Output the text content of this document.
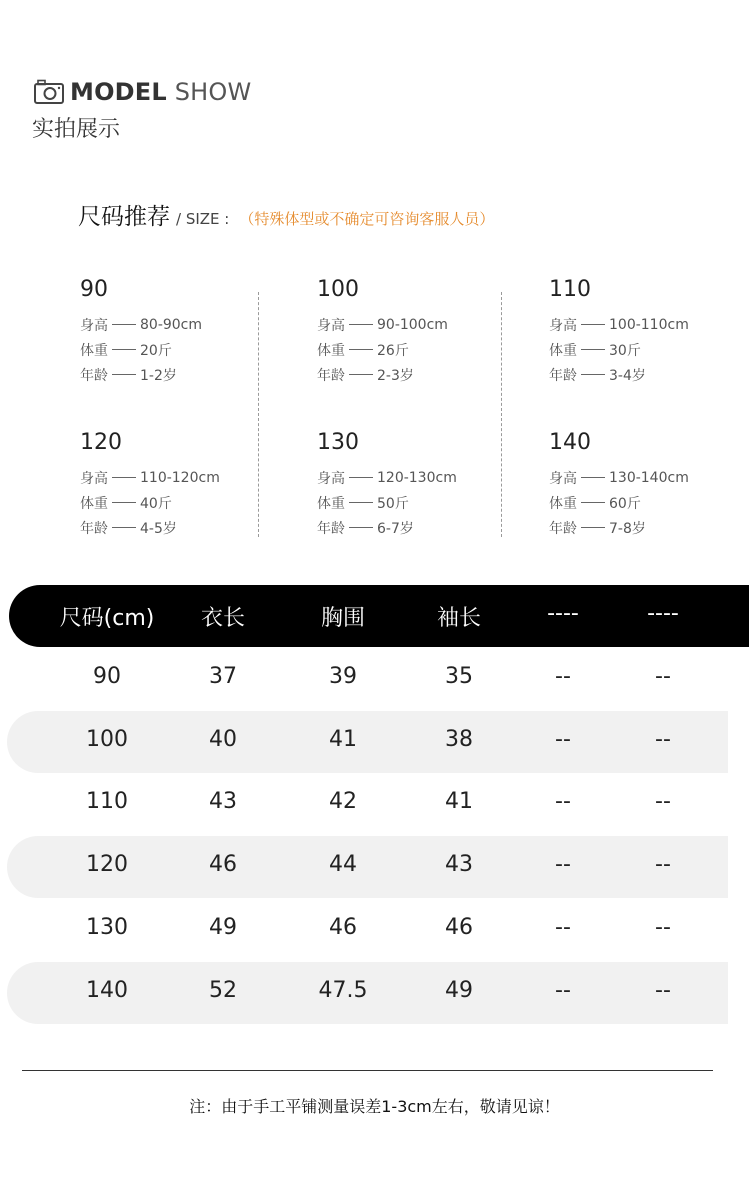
MODEL SHOW
实拍展示
尺码推荐 / SIZE : （特殊体型或不确定可咨询客服人员）
90
身高 80-90cm
体重 20斤
年龄 1-2岁
100
身高 90-100cm
体重 26斤
年龄 2-3岁
110
身高 100-110cm
体重 30斤
年龄 3-4岁
120
身高 110-120cm
体重 40斤
年龄 4-5岁
130
身高 120-130cm
体重 50斤
年龄 6-7岁
140
身高 130-140cm
体重 60斤
年龄 7-8岁
尺码(cm) 衣长	胸围	袖长	----	----
注：由于手工平铺测量误差1-3cm左右，敬请见谅！
90	37	39	35	--	--
100	40	41	38	--	--
110	43	42	41	--	--
120	46	44	43	--	--
130	49	46	46	--	--
140	52	47.5	49	--	--
